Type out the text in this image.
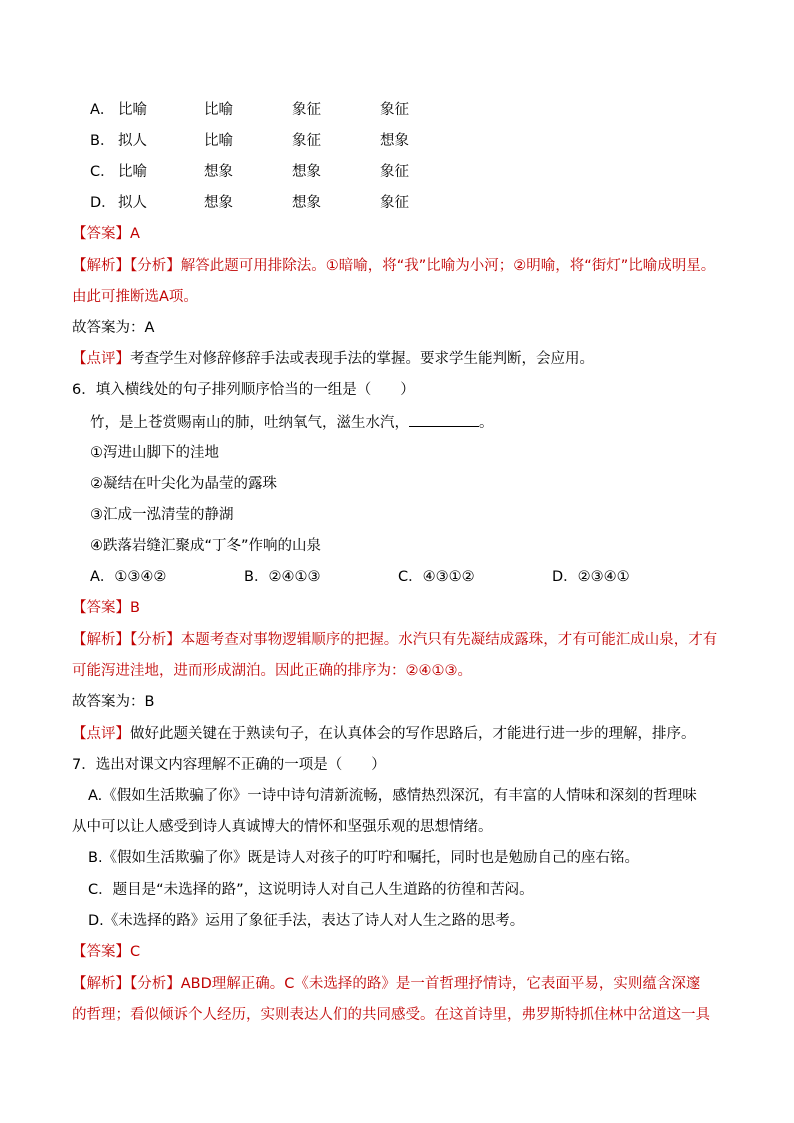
A． 比喻	比喻	象征	象征
B． 拟人	比喻	象征	想象
C． 比喻	想象	想象	象征
D． 拟人	想象	想象	象征
【答案】A
【解析】【分析】解答此题可用排除法。①暗喻，将“我”比喻为小河；②明喻，将“街灯”比喻成明星。
由此可推断选A项。
故答案为：A
【点评】考查学生对修辞修辞手法或表现手法的掌握。要求学生能判断，会应用。
6．填入横线处的句子排列顺序恰当的一组是（　　）
竹，是上苍赏赐南山的肺，吐纳氧气，滋生水汽，	。
①泻进山脚下的洼地
②凝结在叶尖化为晶莹的露珠
③汇成一泓清莹的静湖
④跌落岩缝汇聚成“丁冬”作响的山泉
A．①③④②	B．②④①③	C．④③①②	D．②③④①
【答案】B
【解析】【分析】本题考查对事物逻辑顺序的把握。水汽只有先凝结成露珠，才有可能汇成山泉，才有
可能泻进洼地，进而形成湖泊。因此正确的排序为：②④①③。
故答案为：B
【点评】做好此题关键在于熟读句子，在认真体会的写作思路后，才能进行进一步的理解，排序。
7．选出对课文内容理解不正确的一项是（　　）
A.《假如生活欺骗了你》一诗中诗句清新流畅，感情热烈深沉，有丰富的人情味和深刻的哲理味
从中可以让人感受到诗人真诚博大的情怀和坚强乐观的思想情绪。
B.《假如生活欺骗了你》既是诗人对孩子的叮咛和嘱托，同时也是勉励自己的座右铭。
C．题目是“未选择的路”，这说明诗人对自己人生道路的彷徨和苦闷。
D.《未选择的路》运用了象征手法，表达了诗人对人生之路的思考。
【答案】C
【解析】【分析】ABD理解正确。C《未选择的路》是一首哲理抒情诗，它表面平易，实则蕴含深邃
的哲理；看似倾诉个人经历，实则表达人们的共同感受。在这首诗里，弗罗斯特抓住林中岔道这一具
